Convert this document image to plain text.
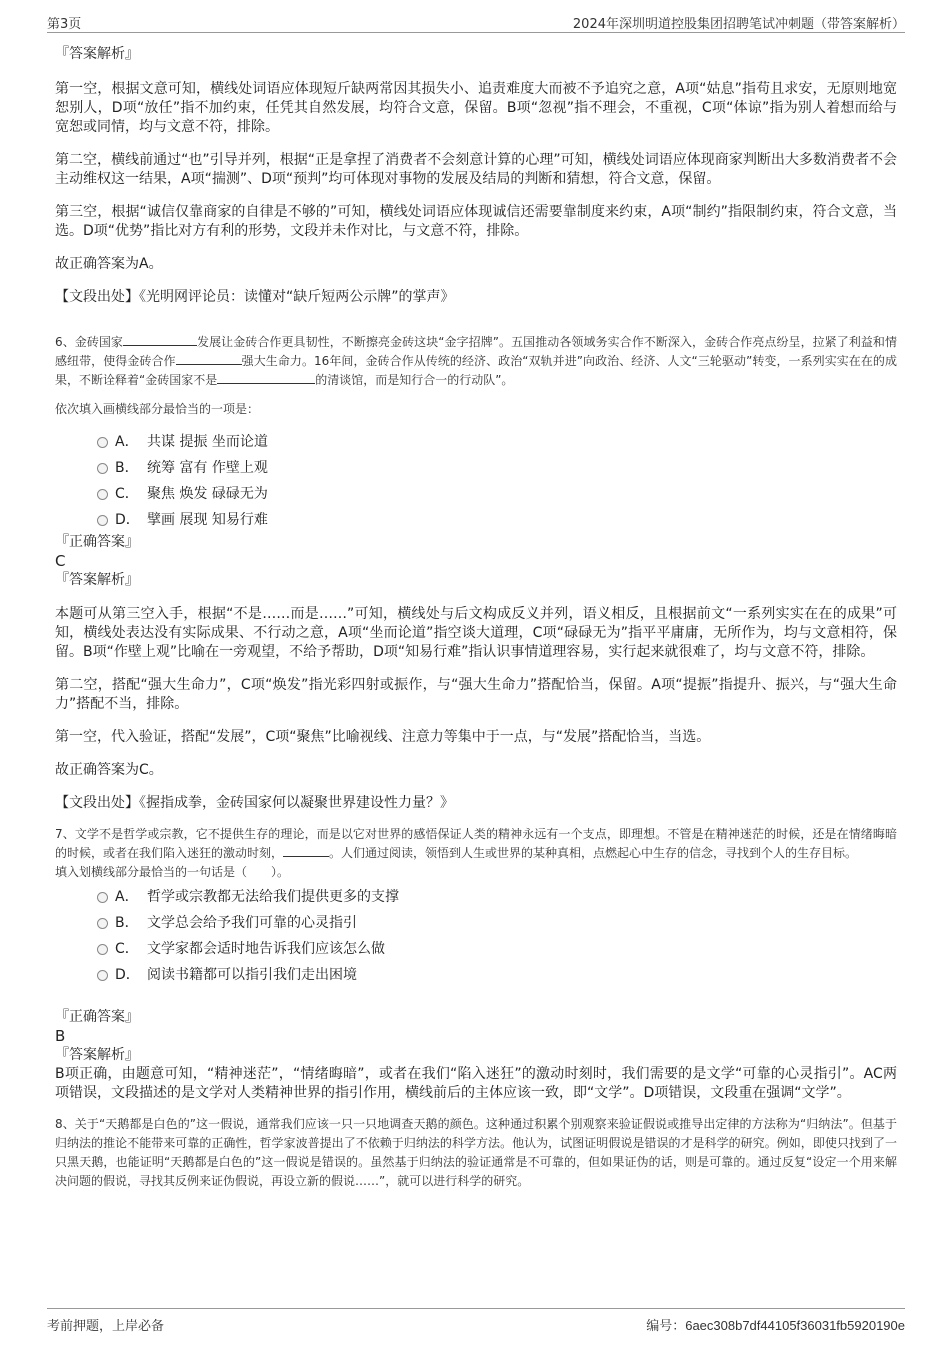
第3页	2024年深圳明道控股集团招聘笔试冲刺题（带答案解析）

『答案解析』

第一空，根据文意可知，横线处词语应体现短斤缺两常因其损失小、追责难度大而被不予追究之意，A项“姑息”指苟且求安，无原则地宽恕别人，D项“放任”指不加约束，任凭其自然发展，均符合文意，保留。B项“忽视”指不理会，不重视，C项“体谅”指为别人着想而给与宽恕或同情，均与文意不符，排除。

第二空，横线前通过“也”引导并列，根据“正是拿捏了消费者不会刻意计算的心理”可知，横线处词语应体现商家判断出大多数消费者不会主动维权这一结果，A项“揣测”、D项“预判”均可体现对事物的发展及结局的判断和猜想，符合文意，保留。

第三空，根据“诚信仅靠商家的自律是不够的”可知，横线处词语应体现诚信还需要靠制度来约束，A项“制约”指限制约束，符合文意，当选。D项“优势”指比对方有利的形势，文段并未作对比，与文意不符，排除。

故正确答案为A。

【文段出处】《光明网评论员：读懂对“缺斤短两公示牌”的掌声》

6、金砖国家	发展让金砖合作更具韧性，不断擦亮金砖这块“金字招牌”。五国推动各领域务实合作不断深入，金砖合作亮点纷呈，拉紧了利益和情感纽带，使得金砖合作	强大生命力。16年间，金砖合作从传统的经济、政治“双轨并进”向政治、经济、人文“三轮驱动”转变，一系列实实在在的成果，不断诠释着“金砖国家不是	的清谈馆，而是知行合一的行动队”。

依次填入画横线部分最恰当的一项是：

A． 共谋 提振 坐而论道
B． 统筹 富有 作壁上观
C． 聚焦 焕发 碌碌无为
D． 擘画 展现 知易行难

『正确答案』

C

『答案解析』

本题可从第三空入手，根据“不是……而是……”可知，横线处与后文构成反义并列，语义相反，且根据前文“一系列实实在在的成果”可知，横线处表达没有实际成果、不行动之意，A项“坐而论道”指空谈大道理，C项“碌碌无为”指平平庸庸，无所作为，均与文意相符，保留。B项“作壁上观”比喻在一旁观望，不给予帮助，D项“知易行难”指认识事情道理容易，实行起来就很难了，均与文意不符，排除。

第二空，搭配“强大生命力”，C项“焕发”指光彩四射或振作，与“强大生命力”搭配恰当，保留。A项“提振”指提升、振兴，与“强大生命力”搭配不当，排除。

第一空，代入验证，搭配“发展”，C项“聚焦”比喻视线、注意力等集中于一点，与“发展”搭配恰当，当选。

故正确答案为C。

【文段出处】《握指成拳，金砖国家何以凝聚世界建设性力量？》

7、文学不是哲学或宗教，它不提供生存的理论，而是以它对世界的感悟保证人类的精神永远有一个支点，即理想。不管是在精神迷茫的时候，还是在情绪晦暗的时候，或者在我们陷入迷狂的激动时刻，	。人们通过阅读，领悟到人生或世界的某种真相，点燃起心中生存的信念，寻找到个人的生存目标。

填入划横线部分最恰当的一句话是（　　）。

A． 哲学或宗教都无法给我们提供更多的支撑
B． 文学总会给予我们可靠的心灵指引
C． 文学家都会适时地告诉我们应该怎么做
D． 阅读书籍都可以指引我们走出困境

『正确答案』

B

『答案解析』

B项正确，由题意可知，“精神迷茫”，“情绪晦暗”，或者在我们“陷入迷狂”的激动时刻时，我们需要的是文学“可靠的心灵指引”。AC两项错误，文段描述的是文学对人类精神世界的指引作用，横线前后的主体应该一致，即“文学”。D项错误，文段重在强调“文学”。

8、关于“天鹅都是白色的”这一假说，通常我们应该一只一只地调查天鹅的颜色。这种通过积累个别观察来验证假说或推导出定律的方法称为“归纳法”。但基于归纳法的推论不能带来可靠的正确性，哲学家波普提出了不依赖于归纳法的科学方法。他认为，试图证明假说是错误的才是科学的研究。例如，即使只找到了一只黑天鹅，也能证明“天鹅都是白色的”这一假说是错误的。虽然基于归纳法的验证通常是不可靠的，但如果证伪的话，则是可靠的。通过反复“设定一个用来解决问题的假说，寻找其反例来证伪假说，再设立新的假说……”，就可以进行科学的研究。

考前押题，上岸必备	编号：6aec308b7df44105f36031fb5920190e
